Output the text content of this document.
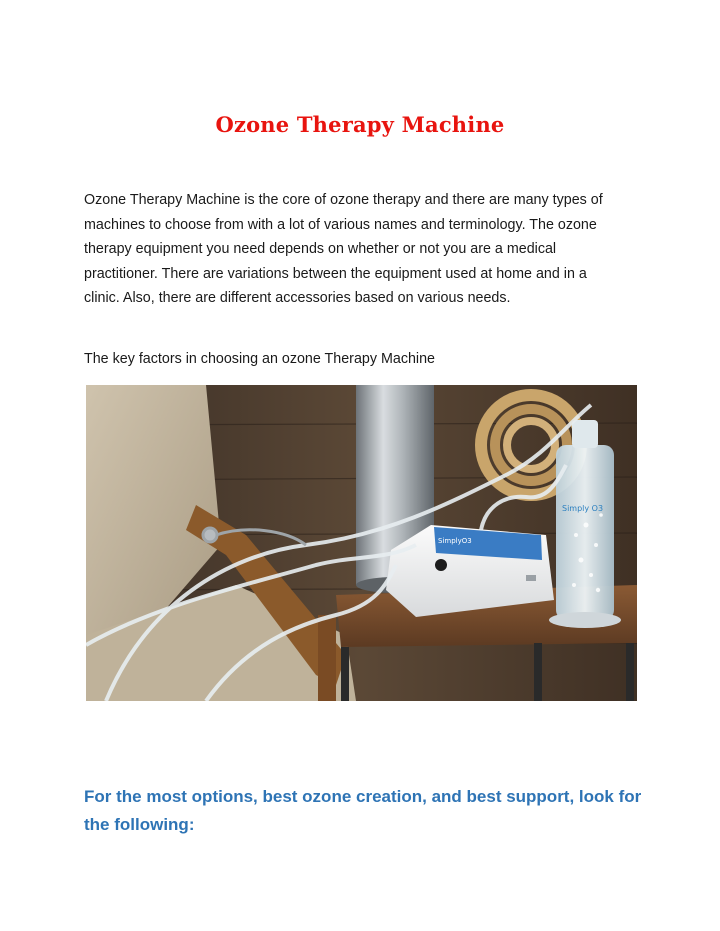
Ozone Therapy Machine

Ozone Therapy Machine is the core of ozone therapy and there are many types of
machines to choose from with a lot of various names and terminology. The ozone
therapy equipment you need depends on whether or not you are a medical
practitioner. There are variations between the equipment used at home and in a
clinic. Also, there are different accessories based on various needs.

The key factors in choosing an ozone Therapy Machine

SimplyO3
Simply O3

For the most options, best ozone creation, and best support, look for
the following:
